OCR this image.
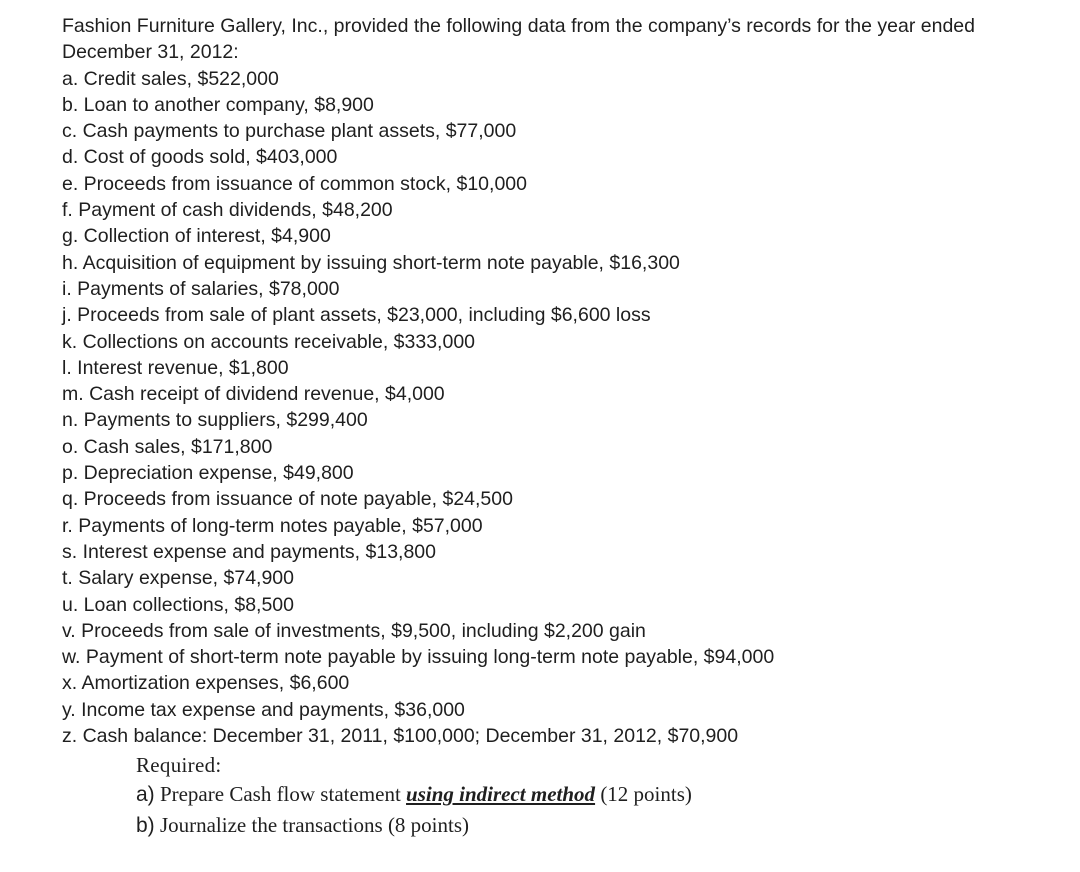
Fashion Furniture Gallery, Inc., provided the following data from the company’s records for the year ended December 31, 2012:

a. Credit sales, $522,000
b. Loan to another company, $8,900
c. Cash payments to purchase plant assets, $77,000
d. Cost of goods sold, $403,000
e. Proceeds from issuance of common stock, $10,000
f. Payment of cash dividends, $48,200
g. Collection of interest, $4,900
h. Acquisition of equipment by issuing short-term note payable, $16,300
i. Payments of salaries, $78,000
j. Proceeds from sale of plant assets, $23,000, including $6,600 loss
k. Collections on accounts receivable, $333,000
l. Interest revenue, $1,800
m. Cash receipt of dividend revenue, $4,000
n. Payments to suppliers, $299,400
o. Cash sales, $171,800
p. Depreciation expense, $49,800
q. Proceeds from issuance of note payable, $24,500
r. Payments of long-term notes payable, $57,000
s. Interest expense and payments, $13,800
t. Salary expense, $74,900
u. Loan collections, $8,500
v. Proceeds from sale of investments, $9,500, including $2,200 gain
w. Payment of short-term note payable by issuing long-term note payable, $94,000
x. Amortization expenses, $6,600
y. Income tax expense and payments, $36,000
z. Cash balance: December 31, 2011, $100,000; December 31, 2012, $70,900
Required:
a) Prepare Cash flow statement using indirect method (12 points)
b) Journalize the transactions (8 points)
